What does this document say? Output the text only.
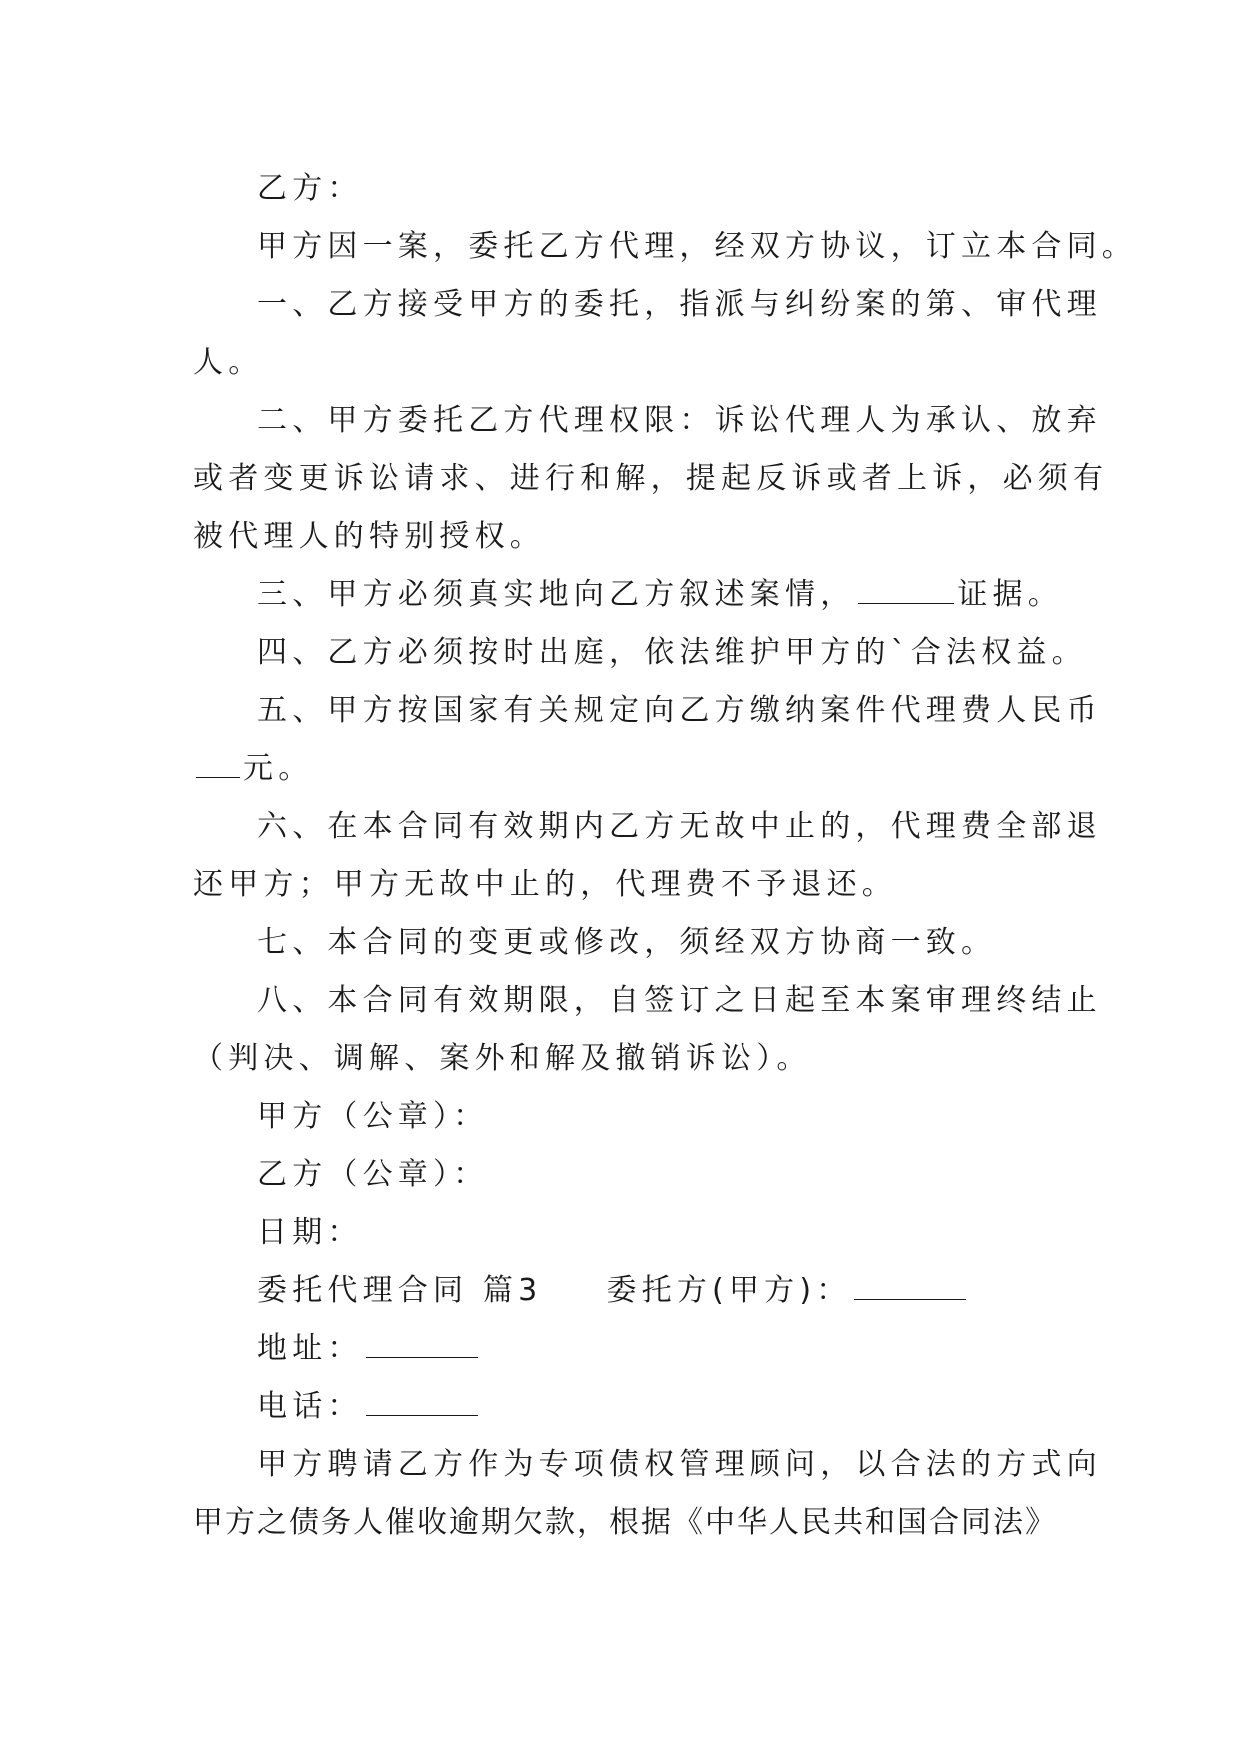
乙方：
甲方因一案，委托乙方代理，经双方协议，订立本合同。
一、乙方接受甲方的委托，指派与纠纷案的第、审代理
人。
二、甲方委托乙方代理权限：诉讼代理人为承认、放弃
或者变更诉讼请求、进行和解，提起反诉或者上诉，必须有
被代理人的特别授权。
三、甲方必须真实地向乙方叙述案情，	证据。
四、乙方必须按时出庭，依法维护甲方的`合法权益。
五、甲方按国家有关规定向乙方缴纳案件代理费人民币
元。
六、在本合同有效期内乙方无故中止的，代理费全部退
还甲方；甲方无故中止的，代理费不予退还。
七、本合同的变更或修改，须经双方协商一致。
八、本合同有效期限，自签订之日起至本案审理终结止
（判决、调解、案外和解及撤销诉讼）。
甲方（公章）：
乙方（公章）：
日期：
委托代理合同 篇3 委托方(甲方)：
地址：
电话：
甲方聘请乙方作为专项债权管理顾问，以合法的方式向
甲方之债务人催收逾期欠款，根据《中华人民共和国合同法》
